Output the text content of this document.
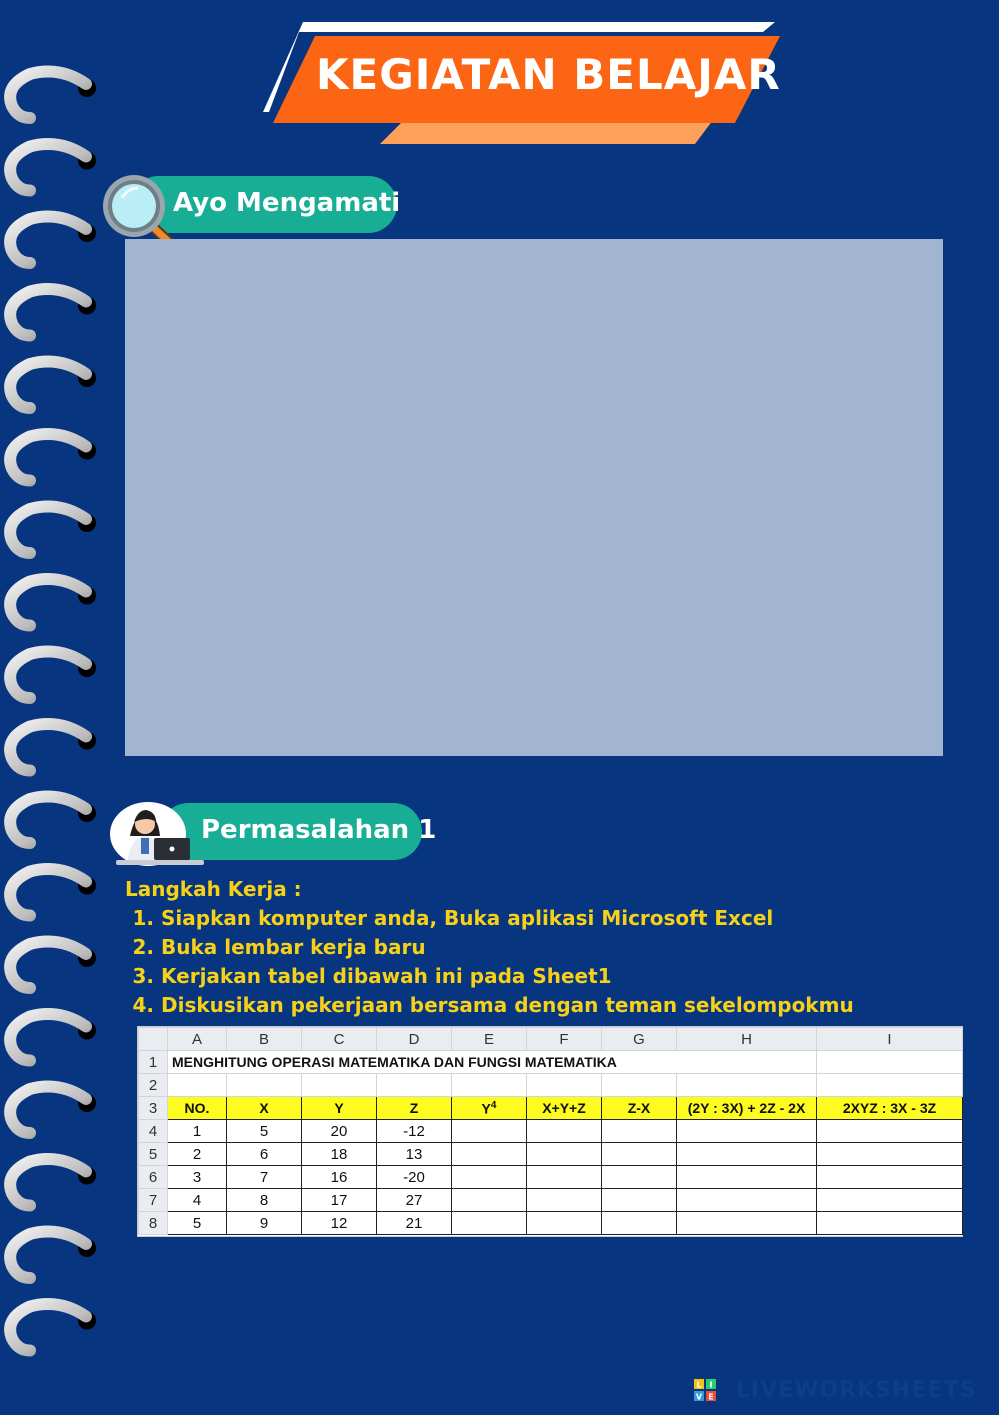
KEGIATAN BELAJAR
Ayo Mengamati
Permasalahan 1
Langkah Kerja :
1. Siapkan komputer anda, Buka aplikasi Microsoft Excel
2. Buka lembar kerja baru
3. Kerjakan tabel dibawah ini pada Sheet1
4. Diskusikan pekerjaan bersama dengan teman sekelompokmu
	A	B	C	D	E	F	G	H	I
1	MENGHITUNG OPERASI MATEMATIKA DAN FUNGSI MATEMATIKA								
2									
3	NO.	X	Y	Z	$Y^4$	X+Y+Z	Z-X	(2Y : 3X) + 2Z - 2X	2XYZ : 3X - 3Z
4	1	5	20	-12					
5	2	6	18	13					
6	3	7	16	-20					
7	4	8	17	27					
8	5	9	12	21					
L I
V E LIVEWORKSHEETS
